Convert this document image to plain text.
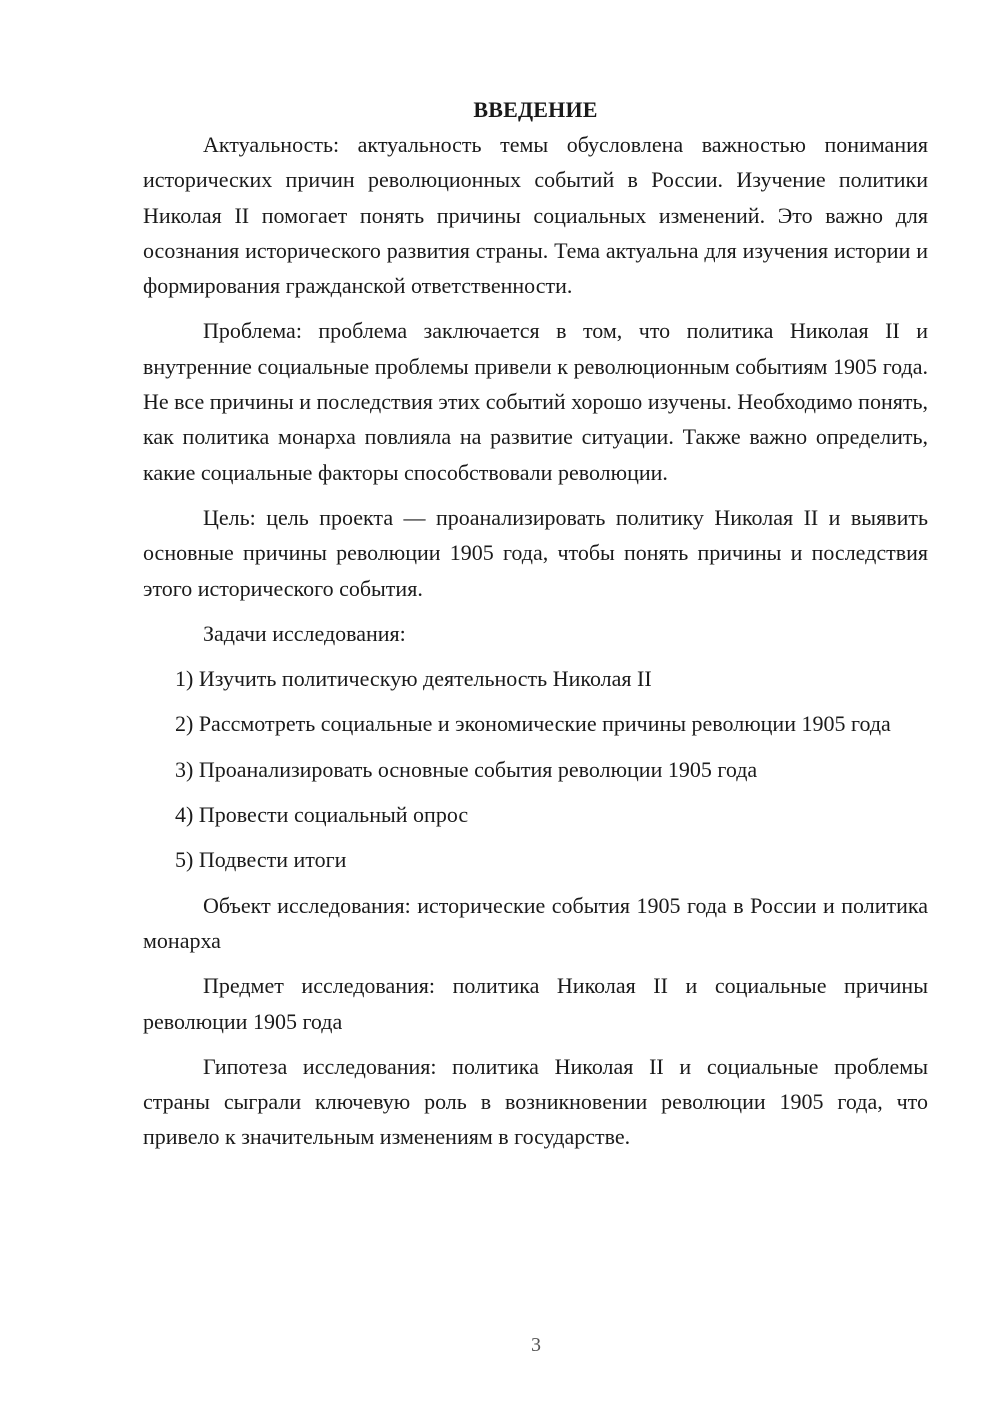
ВВЕДЕНИЕ

Актуальность: актуальность темы обусловлена важностью понимания исторических причин революционных событий в России. Изучение политики Николая II помогает понять причины социальных изменений. Это важно для осознания исторического развития страны. Тема актуальна для изучения истории и формирования гражданской ответственности.

Проблема: проблема заключается в том, что политика Николая II и внутренние социальные проблемы привели к революционным событиям 1905 года. Не все причины и последствия этих событий хорошо изучены. Необходимо понять, как политика монарха повлияла на развитие ситуации. Также важно определить, какие социальные факторы способствовали революции.

Цель: цель проекта — проанализировать политику Николая II и выявить основные причины революции 1905 года, чтобы понять причины и последствия этого исторического события.

Задачи исследования:

1) Изучить политическую деятельность Николая II

2) Рассмотреть социальные и экономические причины революции 1905 года

3) Проанализировать основные события революции 1905 года

4) Провести социальный опрос

5) Подвести итоги

Объект исследования: исторические события 1905 года в России и политика монарха

Предмет исследования: политика Николая II и социальные причины революции 1905 года

Гипотеза исследования: политика Николая II и социальные проблемы страны сыграли ключевую роль в возникновении революции 1905 года, что привело к значительным изменениям в государстве.

3
